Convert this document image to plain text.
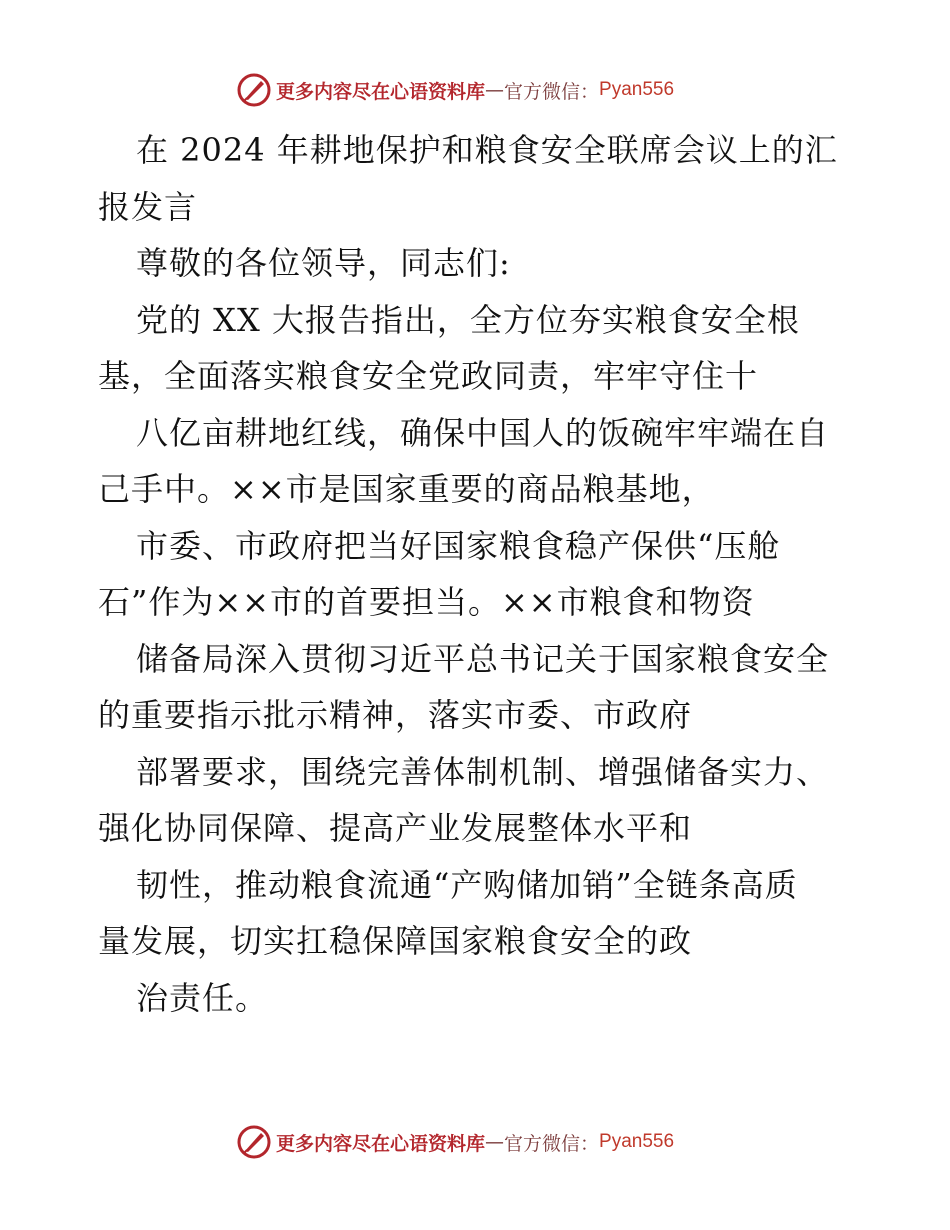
更多内容尽在心语资料库 — 官方微信： Pyan556
在 2024 年耕地保护和粮食安全联席会议上的汇
报发言
尊敬的各位领导，同志们:
党的 XX 大报告指出，全方位夯实粮食安全根
基，全面落实粮食安全党政同责，牢牢守住十
八亿亩耕地红线，确保中国人的饭碗牢牢端在自
己手中。××市是国家重要的商品粮基地，
市委、市政府把当好国家粮食稳产保供“压舱
石”作为××市的首要担当。××市粮食和物资
储备局深入贯彻习近平总书记关于国家粮食安全
的重要指示批示精神，落实市委、市政府
部署要求，围绕完善体制机制、增强储备实力、
强化协同保障、提高产业发展整体水平和
韧性，推动粮食流通“产购储加销”全链条高质
量发展，切实扛稳保障国家粮食安全的政
治责任。
更多内容尽在心语资料库 — 官方微信： Pyan556
